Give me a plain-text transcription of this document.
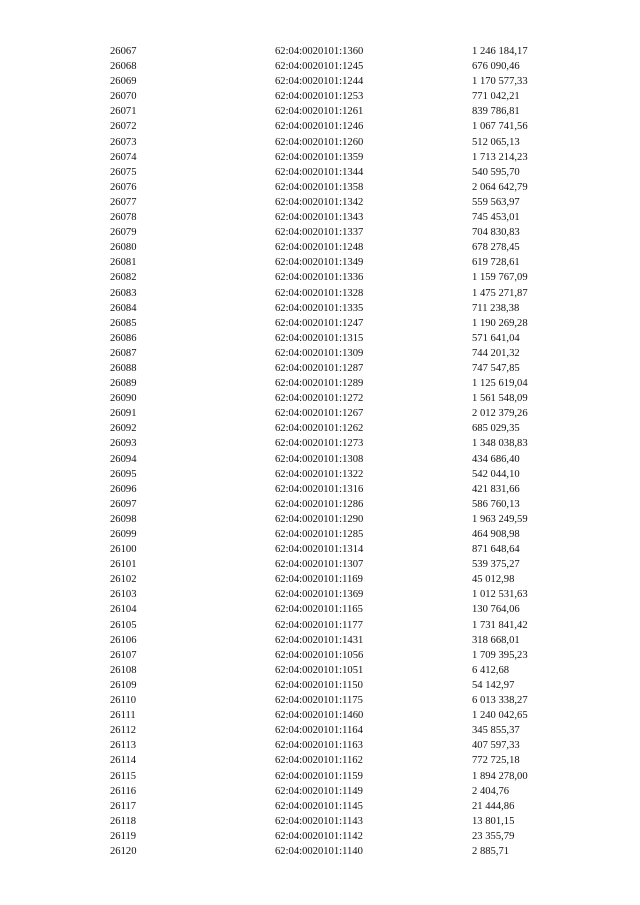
26067	62:04:0020101:1360	1 246 184,17
26068	62:04:0020101:1245	676 090,46
26069	62:04:0020101:1244	1 170 577,33
26070	62:04:0020101:1253	771 042,21
26071	62:04:0020101:1261	839 786,81
26072	62:04:0020101:1246	1 067 741,56
26073	62:04:0020101:1260	512 065,13
26074	62:04:0020101:1359	1 713 214,23
26075	62:04:0020101:1344	540 595,70
26076	62:04:0020101:1358	2 064 642,79
26077	62:04:0020101:1342	559 563,97
26078	62:04:0020101:1343	745 453,01
26079	62:04:0020101:1337	704 830,83
26080	62:04:0020101:1248	678 278,45
26081	62:04:0020101:1349	619 728,61
26082	62:04:0020101:1336	1 159 767,09
26083	62:04:0020101:1328	1 475 271,87
26084	62:04:0020101:1335	711 238,38
26085	62:04:0020101:1247	1 190 269,28
26086	62:04:0020101:1315	571 641,04
26087	62:04:0020101:1309	744 201,32
26088	62:04:0020101:1287	747 547,85
26089	62:04:0020101:1289	1 125 619,04
26090	62:04:0020101:1272	1 561 548,09
26091	62:04:0020101:1267	2 012 379,26
26092	62:04:0020101:1262	685 029,35
26093	62:04:0020101:1273	1 348 038,83
26094	62:04:0020101:1308	434 686,40
26095	62:04:0020101:1322	542 044,10
26096	62:04:0020101:1316	421 831,66
26097	62:04:0020101:1286	586 760,13
26098	62:04:0020101:1290	1 963 249,59
26099	62:04:0020101:1285	464 908,98
26100	62:04:0020101:1314	871 648,64
26101	62:04:0020101:1307	539 375,27
26102	62:04:0020101:1169	45 012,98
26103	62:04:0020101:1369	1 012 531,63
26104	62:04:0020101:1165	130 764,06
26105	62:04:0020101:1177	1 731 841,42
26106	62:04:0020101:1431	318 668,01
26107	62:04:0020101:1056	1 709 395,23
26108	62:04:0020101:1051	6 412,68
26109	62:04:0020101:1150	54 142,97
26110	62:04:0020101:1175	6 013 338,27
26111	62:04:0020101:1460	1 240 042,65
26112	62:04:0020101:1164	345 855,37
26113	62:04:0020101:1163	407 597,33
26114	62:04:0020101:1162	772 725,18
26115	62:04:0020101:1159	1 894 278,00
26116	62:04:0020101:1149	2 404,76
26117	62:04:0020101:1145	21 444,86
26118	62:04:0020101:1143	13 801,15
26119	62:04:0020101:1142	23 355,79
26120	62:04:0020101:1140	2 885,71
